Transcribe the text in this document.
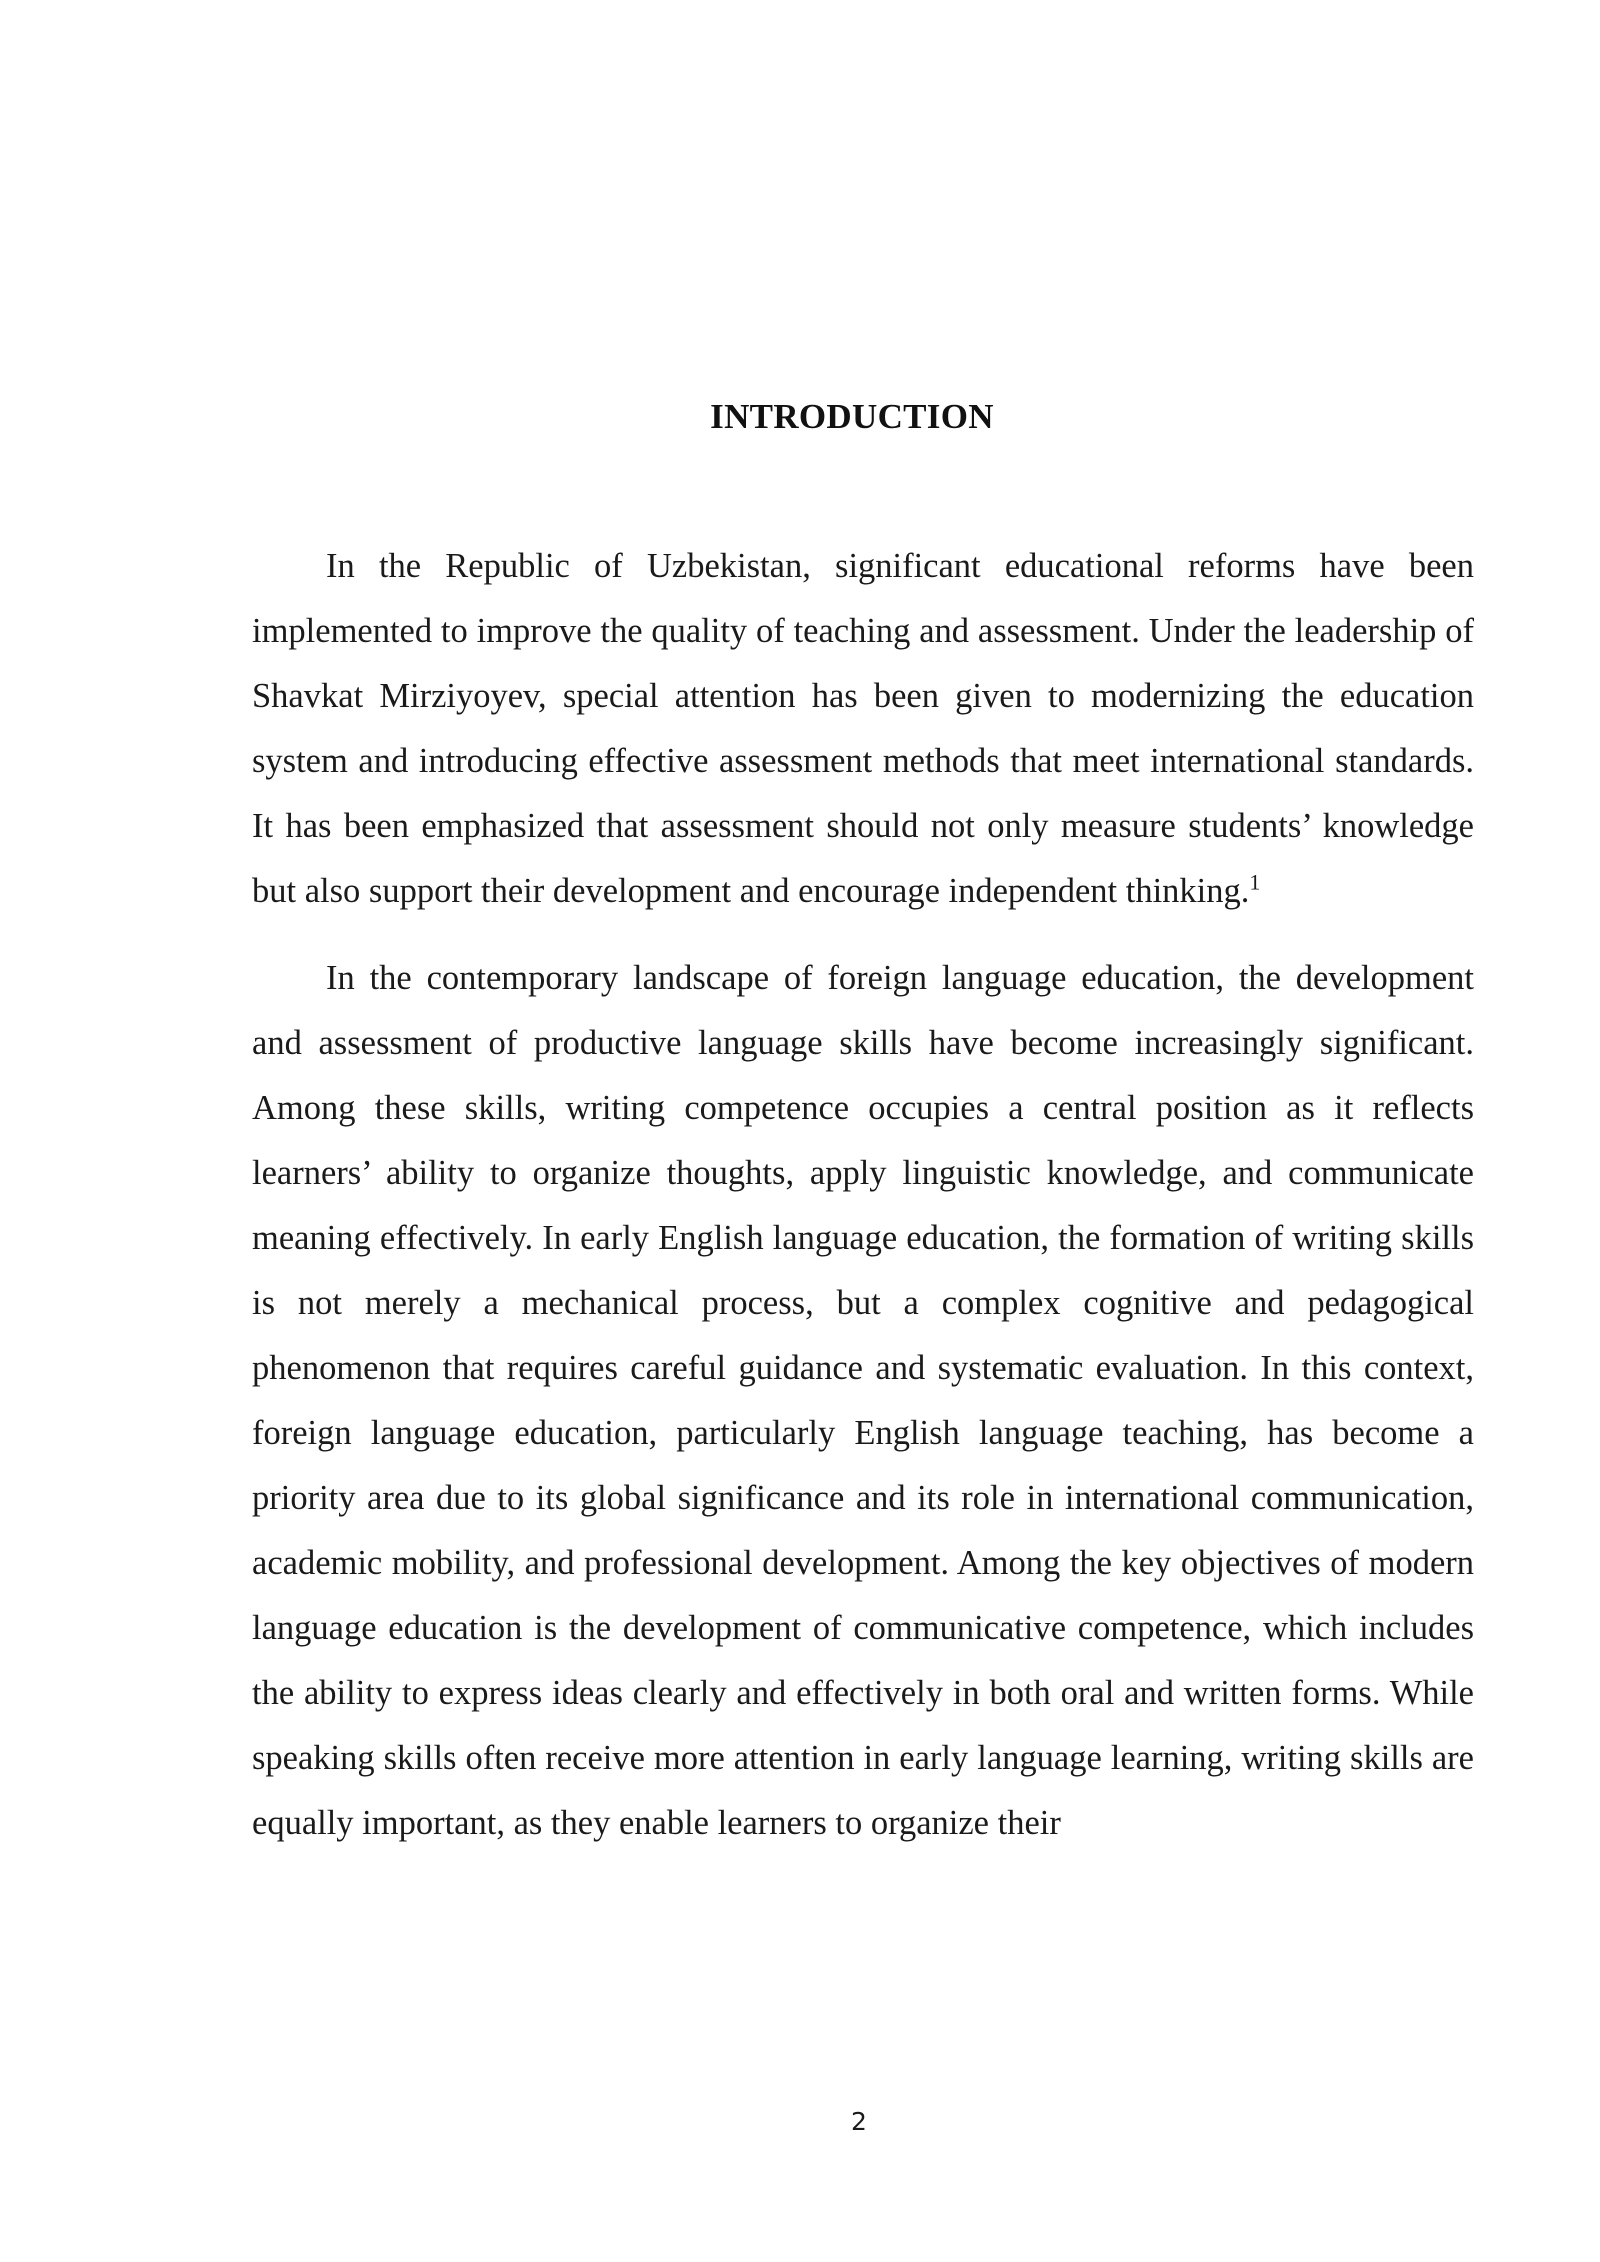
INTRODUCTION

In the Republic of Uzbekistan, significant educational reforms have been implemented to improve the quality of teaching and assessment. Under the leadership of Shavkat Mirziyoyev, special attention has been given to modernizing the education system and introducing effective assessment methods that meet international standards. It has been emphasized that assessment should not only measure students’ knowledge but also support their development and encourage independent thinking.$^1$

In the contemporary landscape of foreign language education, the development and assessment of productive language skills have become increasingly significant. Among these skills, writing competence occupies a central position as it reflects learners’ ability to organize thoughts, apply linguistic knowledge, and communicate meaning effectively. In early English language education, the formation of writing skills is not merely a mechanical process, but a complex cognitive and pedagogical phenomenon that requires careful guidance and systematic evaluation. In this context, foreign language education, particularly English language teaching, has become a priority area due to its global significance and its role in international communication, academic mobility, and professional development. Among the key objectives of modern language education is the development of communicative competence, which includes the ability to express ideas clearly and effectively in both oral and written forms. While speaking skills often receive more attention in early language learning, writing skills are equally important, as they enable learners to organize their

2
